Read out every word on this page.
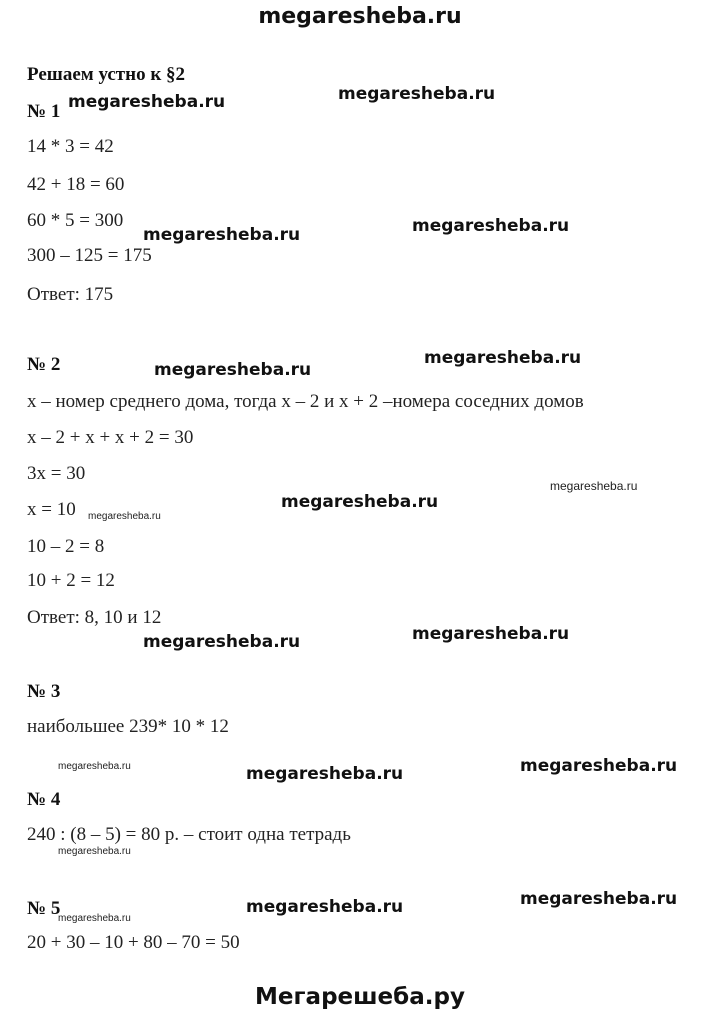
megaresheba.ru
Решаем устно к §2
№ 1
14 * 3 = 42
42 + 18 = 60
60 * 5 = 300
300 – 125 = 175
Ответ: 175
№ 2
х – номер среднего дома, тогда х – 2 и х + 2 –номера соседних домов
х – 2 + х + х + 2 = 30
3х = 30
х = 10
10 – 2 = 8
10 + 2 = 12
Ответ: 8, 10 и 12
№ 3
наибольшее 239* 10 * 12
№ 4
240 : (8 – 5) = 80 р. – стоит одна тетрадь
№ 5
20 + 30 – 10 + 80 – 70 = 50
megaresheba.ru	megaresheba.ru
megaresheba.ru	megaresheba.ru
megaresheba.ru
megaresheba.ru
megaresheba.ru
megaresheba.ru	megaresheba.ru
megaresheba.ru	megaresheba.ru
megaresheba.ru	megaresheba.ru
megaresheba.ru
megaresheba.ru
megaresheba.ru
megaresheba.ru
megaresheba.ru
Мегарешеба.ру
